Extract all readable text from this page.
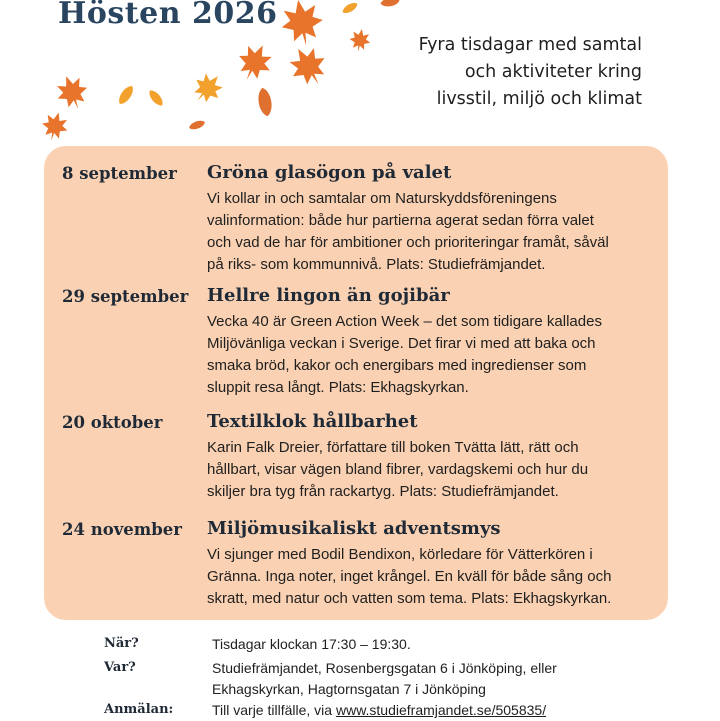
Hösten 2026
Fyra tisdagar med samtal
och aktiviteter kring
livsstil, miljö och klimat
8 september Gröna glasögon på valet
Vi kollar in och samtalar om Naturskyddsföreningens
valinformation: både hur partierna agerat sedan förra valet
och vad de har för ambitioner och prioriteringar framåt, såväl
på riks- som kommunnivå. Plats: Studiefrämjandet.
29 september Hellre lingon än gojibär
Vecka 40 är Green Action Week – det som tidigare kallades
Miljövänliga veckan i Sverige. Det firar vi med att baka och
smaka bröd, kakor och energibars med ingredienser som
sluppit resa långt. Plats: Ekhagskyrkan.
20 oktober Textilklok hållbarhet
Karin Falk Dreier, författare till boken Tvätta lätt, rätt och
hållbart, visar vägen bland fibrer, vardagskemi och hur du
skiljer bra tyg från rackartyg. Plats: Studiefrämjandet.
24 november Miljömusikaliskt adventsmys
Vi sjunger med Bodil Bendixon, körledare för Vätterkören i
Gränna. Inga noter, inget krångel. En kväll för både sång och
skratt, med natur och vatten som tema. Plats: Ekhagskyrkan.
När?	Tisdagar klockan 17:30 – 19:30.
Var?	Studiefrämjandet, Rosenbergsgatan 6 i Jönköping, eller
Ekhagskyrkan, Hagtornsgatan 7 i Jönköping
Anmälan:	Till varje tillfälle, via www.studieframjandet.se/505835/
